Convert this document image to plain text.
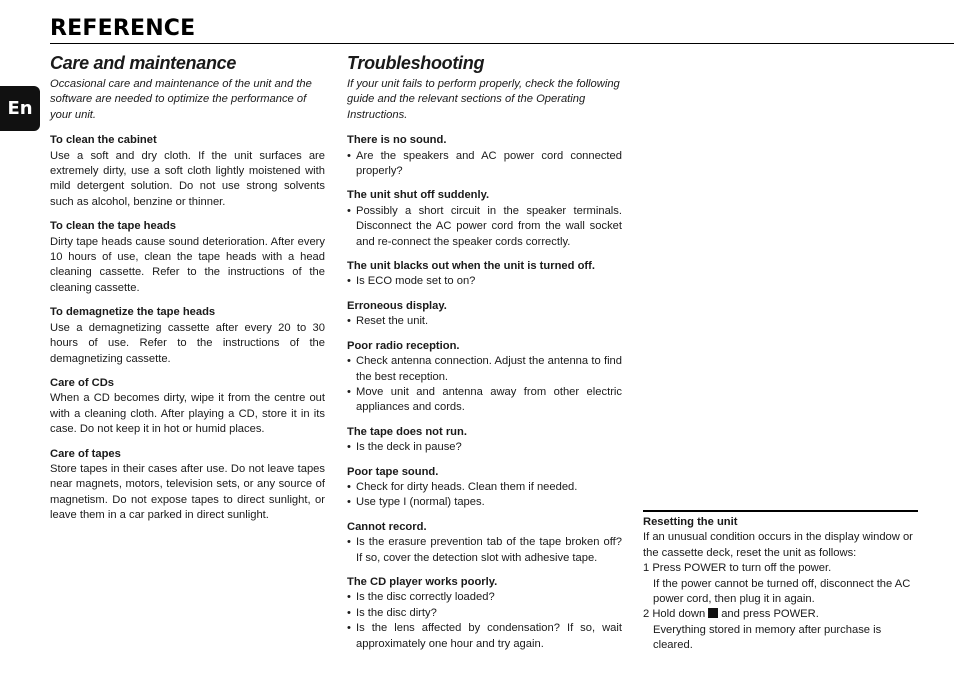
REFERENCE
En
Care and maintenance

Occasional care and maintenance of the unit and the software are needed to optimize the performance of your unit.

To clean the cabinet

Use a soft and dry cloth. If the unit surfaces are extremely dirty, use a soft cloth lightly moistened with mild detergent solution. Do not use strong solvents such as alcohol, benzine or thinner.

To clean the tape heads

Dirty tape heads cause sound deterioration. After every 10 hours of use, clean the tape heads with a head cleaning cassette. Refer to the instructions of the cleaning cassette.

To demagnetize the tape heads

Use a demagnetizing cassette after every 20 to 30 hours of use. Refer to the instructions of the demagnetizing cassette.

Care of CDs

When a CD becomes dirty, wipe it from the centre out with a cleaning cloth. After playing a CD, store it in its case. Do not keep it in hot or humid places.

Care of tapes

Store tapes in their cases after use. Do not leave tapes near magnets, motors, television sets, or any source of magnetism. Do not expose tapes to direct sunlight, or leave them in a car parked in direct sunlight.

Troubleshooting

If your unit fails to perform properly, check the following guide and the relevant sections of the Operating Instructions.

There is no sound.

• Are the speakers and AC power cord connected properly?

The unit shut off suddenly.

• Possibly a short circuit in the speaker terminals. Disconnect the AC power cord from the wall socket and re-connect the speaker cords correctly.

The unit blacks out when the unit is turned off.

• Is ECO mode set to on?

Erroneous display.

• Reset the unit.

Poor radio reception.

• Check antenna connection. Adjust the antenna to find the best reception.
• Move unit and antenna away from other electric appliances and cords.

The tape does not run.

• Is the deck in pause?

Poor tape sound.

• Check for dirty heads. Clean them if needed.
• Use type I (normal) tapes.

Cannot record.

• Is the erasure prevention tab of the tape broken off? If so, cover the detection slot with adhesive tape.

The CD player works poorly.

• Is the disc correctly loaded?
• Is the disc dirty?
• Is the lens affected by condensation? If so, wait approximately one hour and try again.

Resetting the unit

If an unusual condition occurs in the display window or the cassette deck, reset the unit as follows:

1 Press POWER to turn off the power.

If the power cannot be turned off, disconnect the AC power cord, then plug it in again.

2 Hold down and press POWER.

Everything stored in memory after purchase is cleared.
